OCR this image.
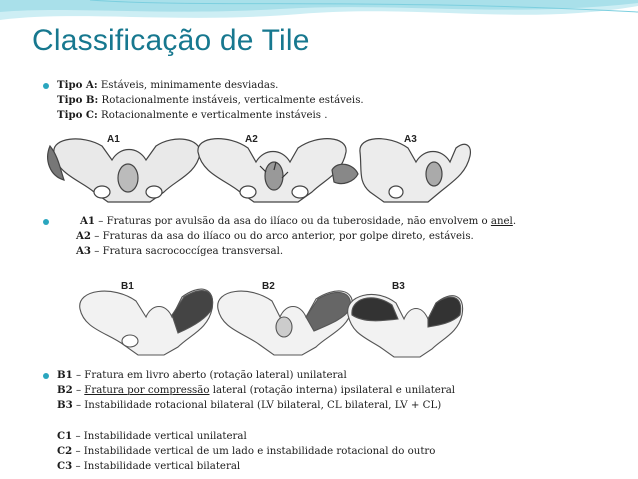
Classificação de Tile
Tipo A: Estáveis, minimamente desviadas.
Tipo B: Rotacionalmente instáveis, verticalmente estáveis.
Tipo C: Rotacionalmente e verticalmente instáveis .
A1	A2	A3
A1 – Fraturas por avulsão da asa do ilíaco ou da tuberosidade, não envolvem o anel.
A2 – Fraturas da asa do ilíaco ou do arco anterior, por golpe direto, estáveis.
A3 – Fratura sacrococcígea transversal.
B1	B2	B3
B1 – Fratura em livro aberto (rotação lateral) unilateral
B2 – Fratura por compressão lateral (rotação interna) ipsilateral e unilateral
B3 – Instabilidade rotacional bilateral (LV bilateral, CL bilateral, LV + CL)
C1 – Instabilidade vertical unilateral
C2 – Instabilidade vertical de um lado e instabilidade rotacional do outro
C3 – Instabilidade vertical bilateral
